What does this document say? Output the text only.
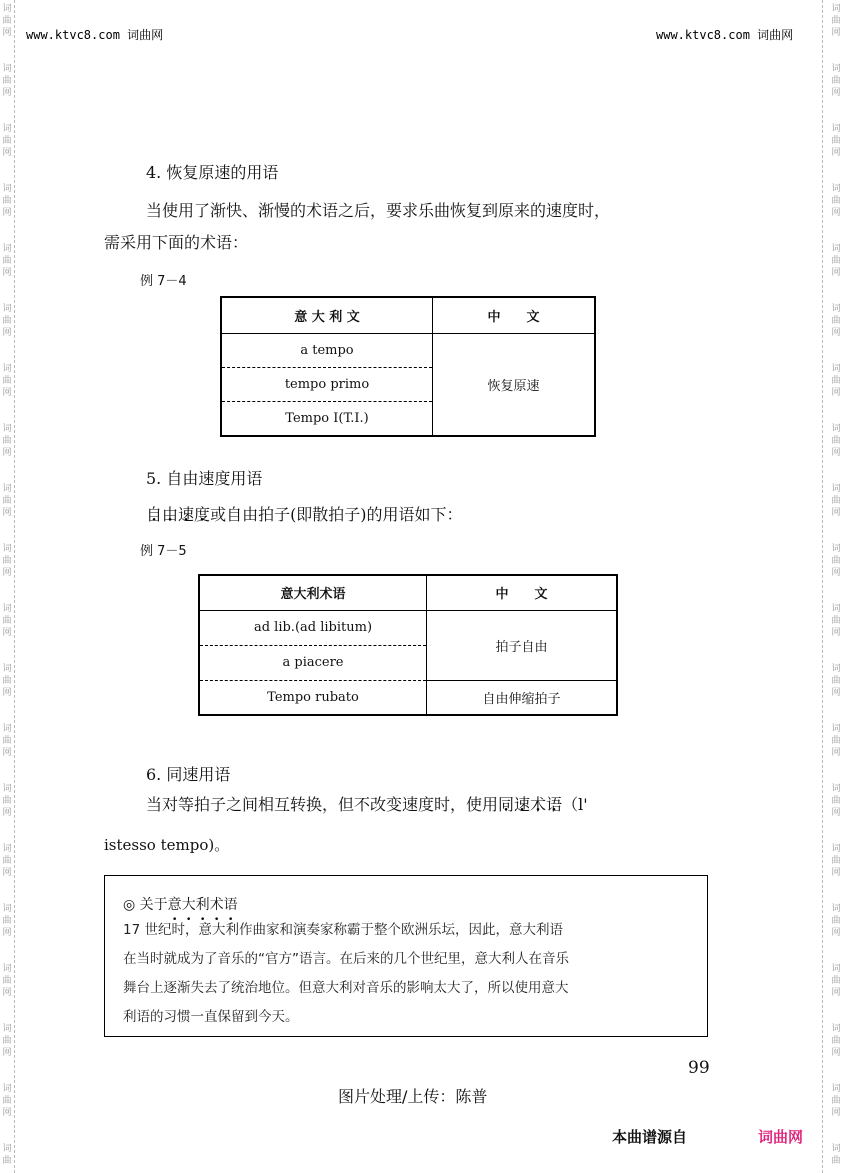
词
曲
网
词
曲
网
词
曲
网
词
曲
网
词
曲
网
词
曲
网
词
曲
网
词
曲
网
词
曲
网
词
曲
网
词
曲
网
词
曲
网
词
曲
网
词
曲
网
词
曲
网
词
曲
网
词
曲
网
词
曲
网
词
曲
网
词
曲
词
曲
网
词
曲
网
词
曲
网
词
曲
网
词
曲
网
词
曲
网
词
曲
网
词
曲
网
词
曲
网
词
曲
网
词
曲
网
词
曲
网
词
曲
网
词
曲
网
词
曲
网
词
曲
网
词
曲
网
词
曲
网
词
曲
网
词
曲
www.ktvc8.com 词曲网	www.ktvc8.com 词曲网
4. 恢复原速的用语
当使用了渐快、渐慢的术语之后，要求乐曲恢复到原来的速度时，
需采用下面的术语：
例 7－4
意 大 利 文	中　　文
a tempo	恢复原速
tempo primo	
Tempo I(T.I.)	
5. 自由速度用语
自由速度或自由拍子(即散拍子)的用语如下：
例 7－5
意大利术语	中　　文
ad lib.(ad libitum)	拍子自由
a piacere	
Tempo rubato	自由伸缩拍子
6. 同速用语
当对等拍子之间相互转换，但不改变速度时，使用同速术语（l'
istesso tempo)。
◎ 关于意大利术语
17 世纪时，意大利作曲家和演奏家称霸于整个欧洲乐坛，因此，意大利语
在当时就成为了音乐的“官方”语言。在后来的几个世纪里，意大利人在音乐
舞台上逐渐失去了统治地位。但意大利对音乐的影响太大了，所以使用意大
利语的习惯一直保留到今天。
99
图片处理/上传：陈普
本曲谱源自	词曲网
